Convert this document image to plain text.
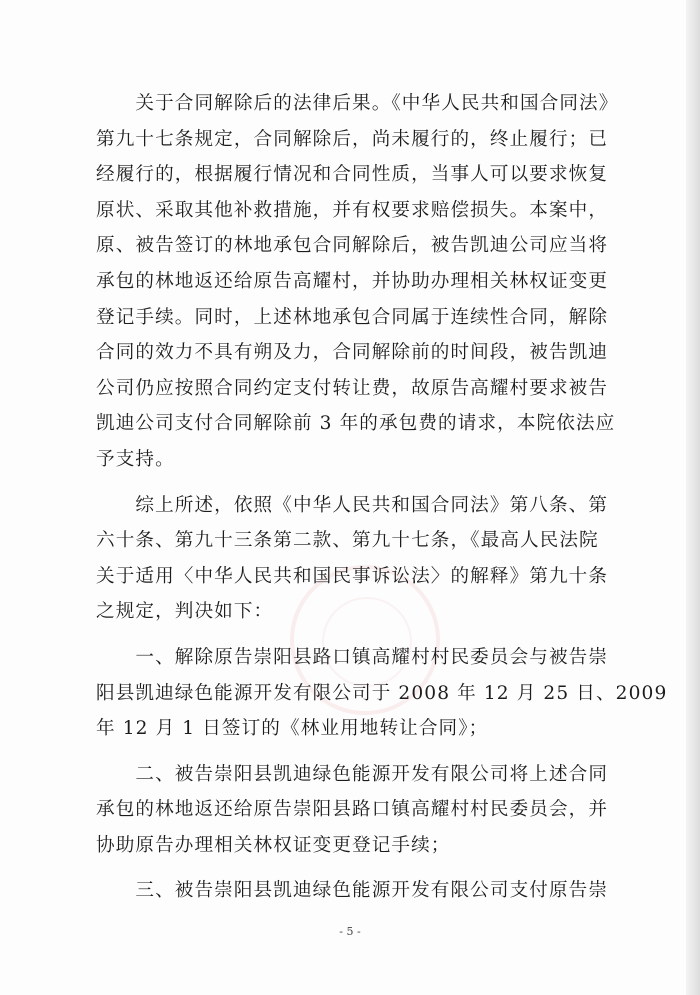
　　关于合同解除后的法律后果。《中华人民共和国合同法》
第九十七条规定，合同解除后，尚未履行的，终止履行；已
经履行的，根据履行情况和合同性质，当事人可以要求恢复
原状、采取其他补救措施，并有权要求赔偿损失。本案中，
原、被告签订的林地承包合同解除后，被告凯迪公司应当将
承包的林地返还给原告高耀村，并协助办理相关林权证变更
登记手续。同时，上述林地承包合同属于连续性合同，解除
合同的效力不具有朔及力，合同解除前的时间段，被告凯迪
公司仍应按照合同约定支付转让费，故原告高耀村要求被告
凯迪公司支付合同解除前 3 年的承包费的请求，本院依法应
予支持。

　　综上所述，依照《中华人民共和国合同法》第八条、第
六十条、第九十三条第二款、第九十七条，《最高人民法院
关于适用〈中华人民共和国民事诉讼法〉的解释》第九十条
之规定，判决如下：

　　一、解除原告崇阳县路口镇高耀村村民委员会与被告崇
阳县凯迪绿色能源开发有限公司于 2008 年 12 月 25 日、2009
年 12 月 1 日签订的《林业用地转让合同》；

　　二、被告崇阳县凯迪绿色能源开发有限公司将上述合同
承包的林地返还给原告崇阳县路口镇高耀村村民委员会，并
协助原告办理相关林权证变更登记手续；

　　三、被告崇阳县凯迪绿色能源开发有限公司支付原告崇

- 5 -
